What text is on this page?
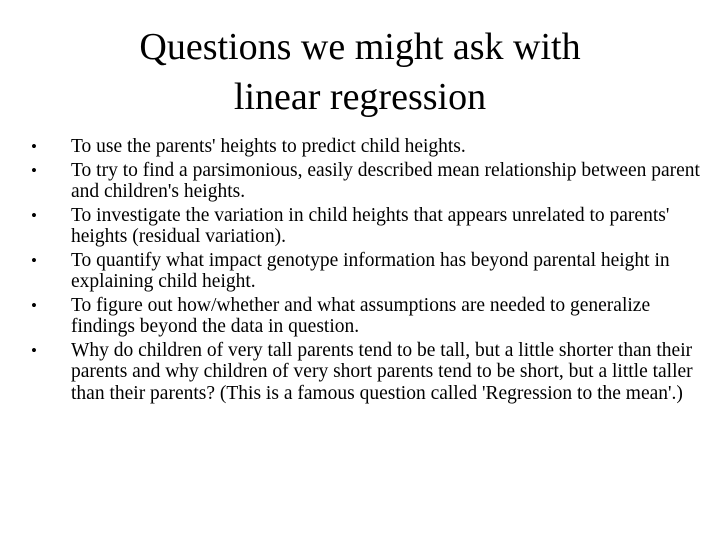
Questions we might ask with
linear regression
• To use the parents' heights to predict child heights.
• To try to find a parsimonious, easily described mean relationship between parent and children's heights.
• To investigate the variation in child heights that appears unrelated to parents' heights (residual variation).
• To quantify what impact genotype information has beyond parental height in explaining child height.
• To figure out how/whether and what assumptions are needed to generalize findings beyond the data in question.
• Why do children of very tall parents tend to be tall, but a little shorter than their parents and why children of very short parents tend to be short, but a little taller than their parents? (This is a famous question called 'Regression to the mean'.)
